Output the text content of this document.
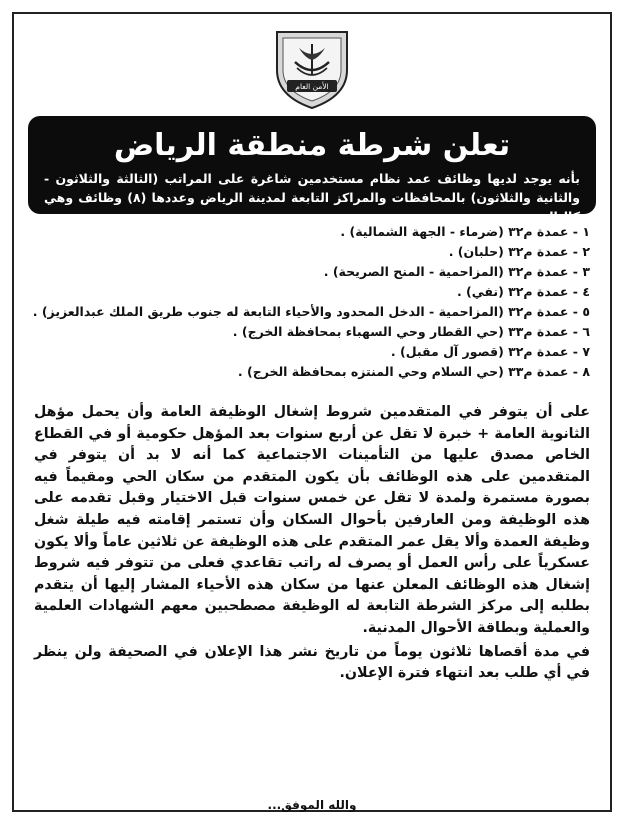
الأمن العام
تعلن شرطة منطقة الرياض

بأنه يوجد لديها وظائف عمد نظام مستخدمين شاغرة على المراتب (الثالثة والثلاثون - والثانية والثلاثون) بالمحافظات والمراكز التابعة لمدينة الرياض وعددها (٨) وظائف وهي كالتالي:

١ - عمدة م٣٢ (ضرماء - الجهة الشمالية) .
٢ - عمدة م٣٢ (حلبان) .
٣ - عمدة م٣٢ (المزاحمية - المنح الصريحة) .
٤ - عمدة م٣٢ (نفي) .
٥ - عمدة م٣٢ (المزاحمية - الدخل المحدود والأحياء التابعة له جنوب طريق الملك عبدالعزيز) .
٦ - عمدة م٣٣ (حي القطار وحي السهباء بمحافظة الخرج) .
٧ - عمدة م٣٢ (قصور آل مقبل) .
٨ - عمدة م٣٣ (حي السلام وحي المنتزه بمحافظة الخرج) .

على أن يتوفر في المتقدمين شروط إشغال الوظيفة العامة وأن يحمل مؤهل الثانوية العامة + خبرة لا تقل عن أربع سنوات بعد المؤهل حكومية أو في القطاع الخاص مصدق عليها من التأمينات الاجتماعية كما أنه لا بد أن يتوفر في المتقدمين على هذه الوظائف بأن يكون المتقدم من سكان الحي ومقيماً فيه بصورة مستمرة ولمدة لا تقل عن خمس سنوات قبل الاختيار وقبل تقدمه على هذه الوظيفة ومن العارفين بأحوال السكان وأن تستمر إقامته فيه طيلة شغل وظيفة العمدة وألا يقل عمر المتقدم على هذه الوظيفة عن ثلاثين عاماً وألا يكون عسكرياً على رأس العمل أو يصرف له راتب تقاعدي فعلى من تتوفر فيه شروط إشغال هذه الوظائف المعلن عنها من سكان هذه الأحياء المشار إليها أن يتقدم بطلبه إلى مركز الشرطة التابعة له الوظيفة مصطحبين معهم الشهادات العلمية والعملية وبطاقة الأحوال المدنية.

في مدة أقصاها ثلاثون يوماً من تاريخ نشر هذا الإعلان في الصحيفة ولن ينظر في أي طلب بعد انتهاء فترة الإعلان.

والله الموفق...
